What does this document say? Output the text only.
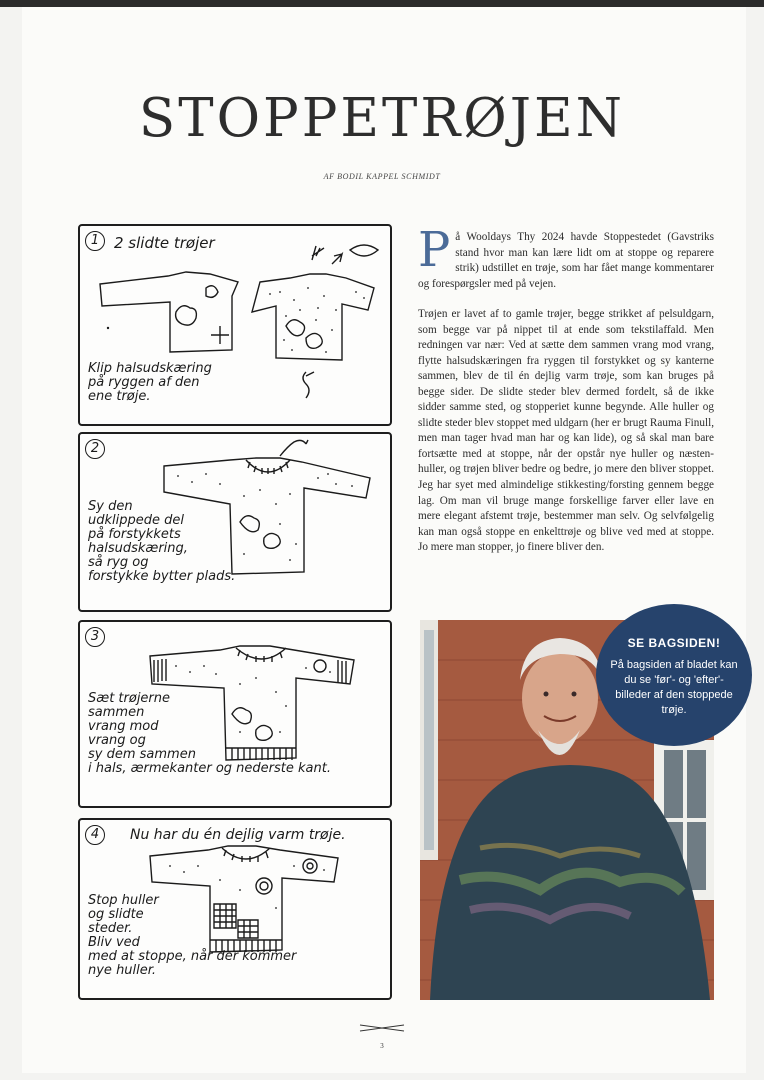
STOPPETRØJEN
AF BODIL KAPPEL SCHMIDT
1 2 slidte trøjer
Klip halsudskæring
på ryggen af den
ene trøje.
2
Sy den
udklippede del
på forstykkets
halsudskæring,
så ryg og
forstykke bytter plads.
3
Sæt trøjerne
sammen
vrang mod
vrang og
sy dem sammen
i hals, ærmekanter og nederste kant.
4	Nu har du én dejlig varm trøje.
Stop huller
og slidte
steder.
Bliv ved
med at stoppe, når der kommer
nye huller.

På Wooldays Thy 2024 havde Stoppestedet (Gavstriks stand hvor man kan lære lidt om at stoppe og reparere strik) udstillet en trøje, som har fået mange kommentarer og forespørgsler med på vejen.

Trøjen er lavet af to gamle trøjer, begge strikket af pelsuldgarn, som begge var på nippet til at ende som tekstilaffald. Men redningen var nær: Ved at sætte dem sammen vrang mod vrang, flytte halsudskæringen fra ryggen til forstykket og sy kanterne sammen, blev de til én dejlig varm trøje, som kan bruges på begge sider. De slidte steder blev dermed fordelt, så de ikke sidder samme sted, og stopperiet kunne begynde. Alle huller og slidte steder blev stoppet med uldgarn (her er brugt Rauma Finull, men man tager hvad man har og kan lide), og så skal man bare fortsætte med at stoppe, når der opstår nye huller og næsten-huller, og trøjen bliver bedre og bedre, jo mere den bliver stoppet. Jeg har syet med almindelige stikkesting/forsting gennem begge lag. Om man vil bruge mange forskellige farver eller lave en mere elegant afstemt trøje, bestemmer man selv. Og selvfølgelig kan man også stoppe en enkelttrøje og blive ved med at stoppe. Jo mere man stopper, jo finere bliver den.

SE BAGSIDEN!
På bagsiden af bladet kan du se 'før'- og 'efter'-billeder af den stoppede trøje.
3
